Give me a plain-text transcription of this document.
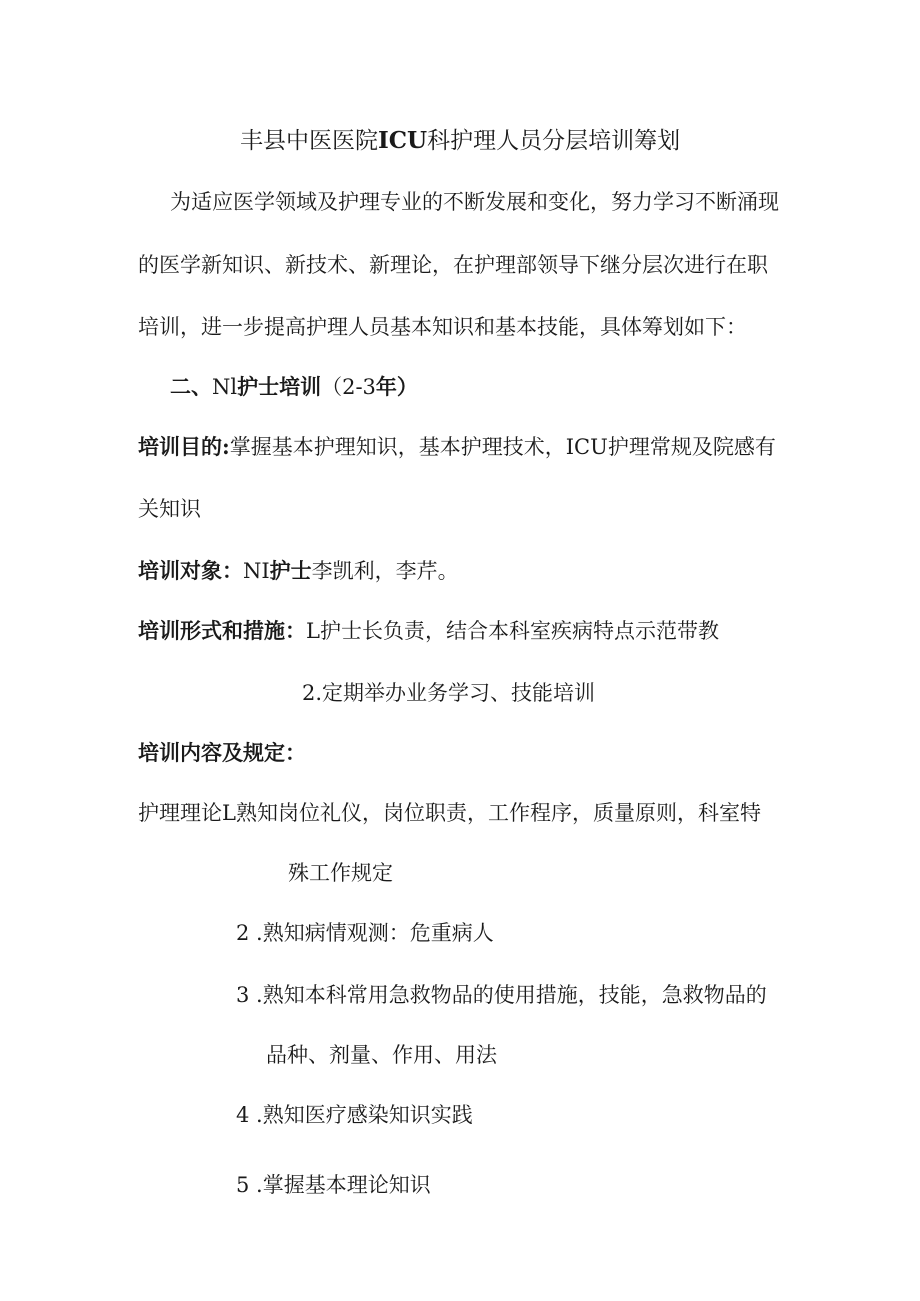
丰县中医医院ICU科护理人员分层培训筹划
为适应医学领域及护理专业的不断发展和变化，努力学习不断涌现
的医学新知识、新技术、新理论，在护理部领导下继分层次进行在职
培训，进一步提高护理人员基本知识和基本技能，具体筹划如下：
二、Nl护士培训（2-3年）
培训目的:掌握基本护理知识，基本护理技术，ICU护理常规及院感有
关知识
培训对象：NI护士李凯利，李芹。
培训形式和措施：L护士长负责，结合本科室疾病特点示范带教
2.定期举办业务学习、技能培训
培训内容及规定：
护理理论L熟知岗位礼仪，岗位职责，工作程序，质量原则，科室特
殊工作规定
2 .熟知病情观测：危重病人
3 .熟知本科常用急救物品的使用措施，技能，急救物品的
品种、剂量、作用、用法
4 .熟知医疗感染知识实践
5 .掌握基本理论知识
